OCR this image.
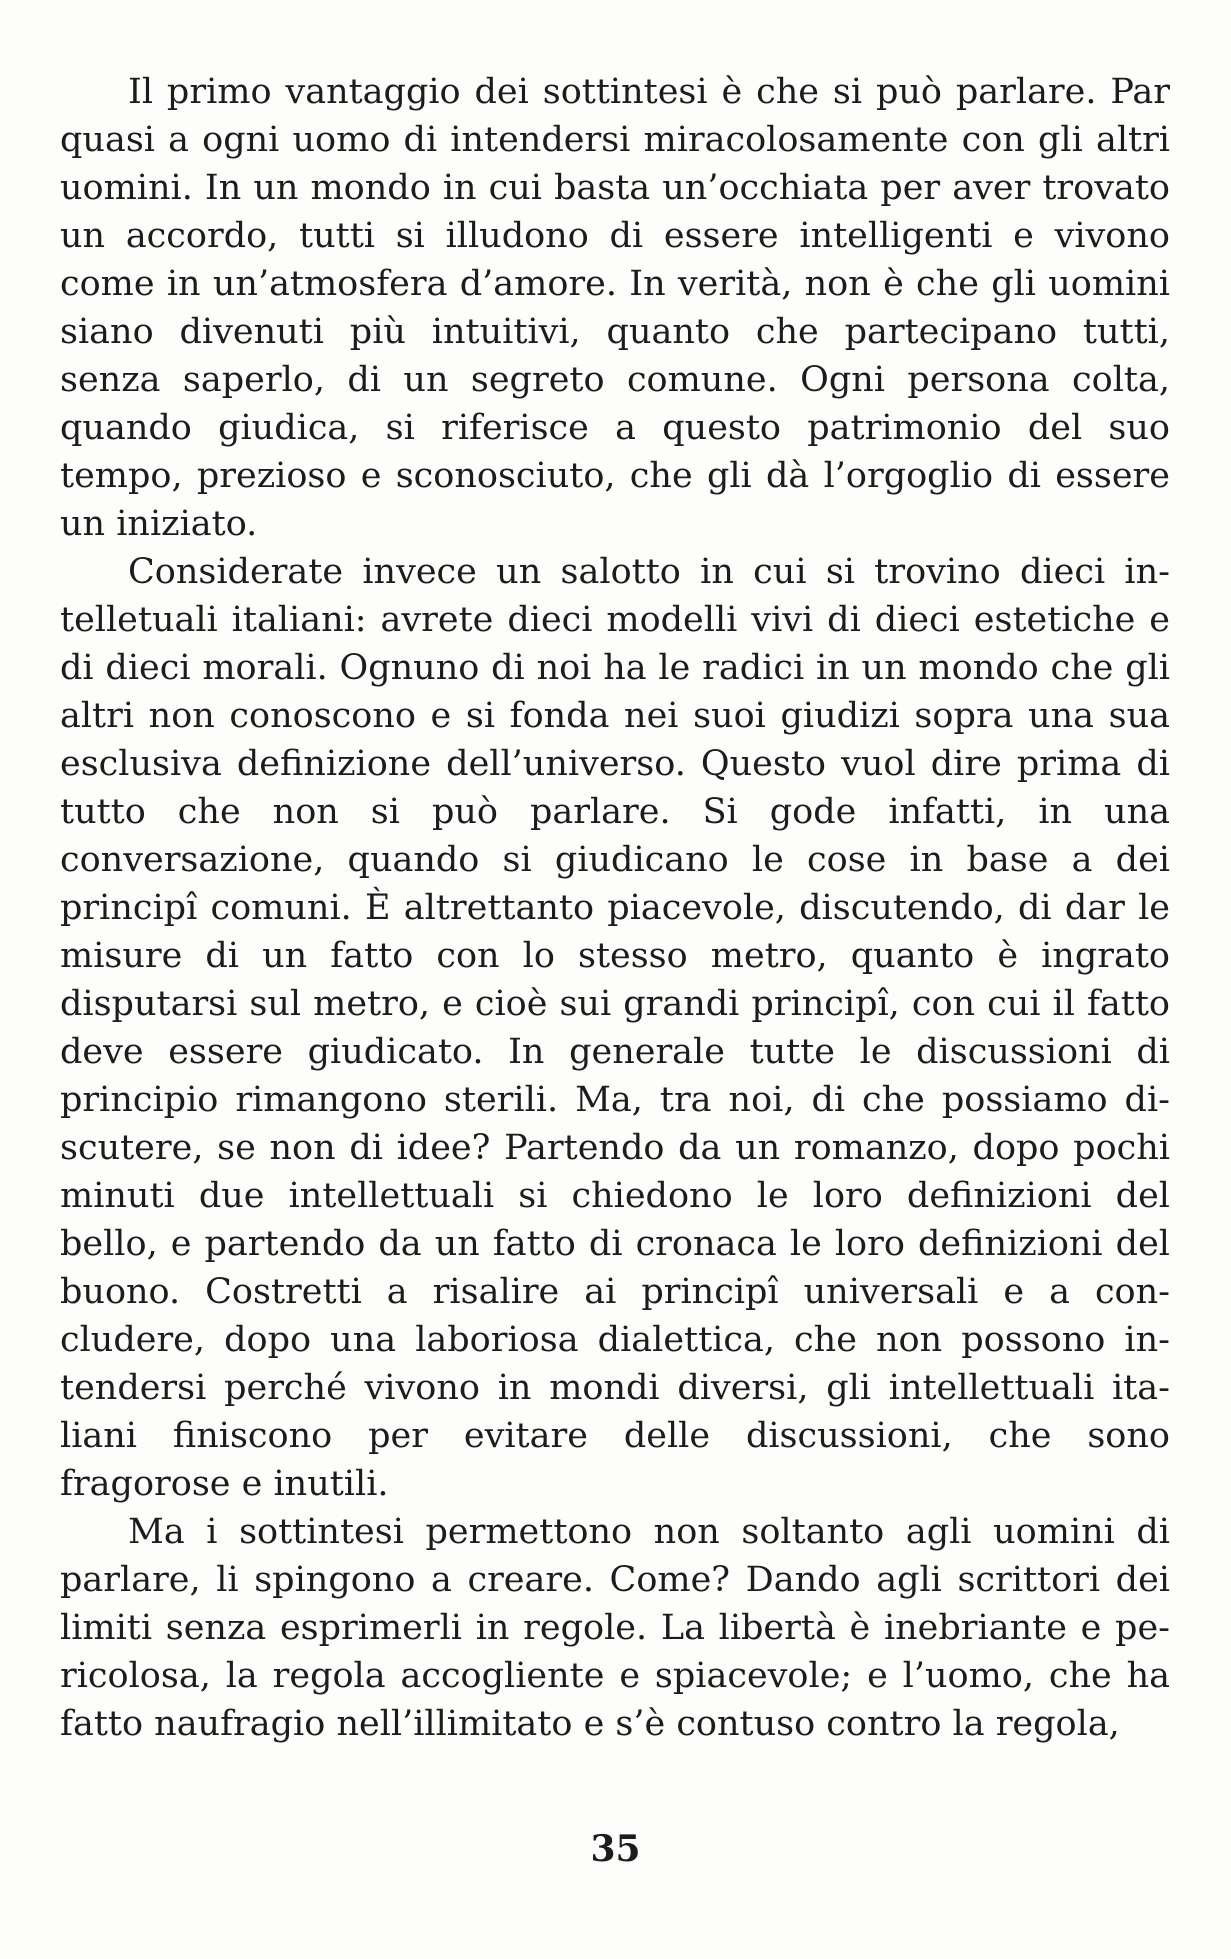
Il primo vantaggio dei sottintesi è che si può parlare. Par quasi a ogni uomo di intendersi miracolosamente con gli altri uomini. In un mondo in cui basta un’occhiata per aver trovato un accordo, tutti si illudono di essere intelligenti e vivono come in un’atmosfera d’amore. In verità, non è che gli uomini siano divenuti più intuitivi, quanto che partecipano tutti, senza saperlo, di un segreto comune. Ogni persona colta, quando giudica, si riferisce a questo patrimonio del suo tempo, prezioso e sconosciuto, che gli dà l’orgoglio di essere un iniziato.

Considerate invece un salotto in cui si trovino dieci intelletuali italiani: avrete dieci modelli vivi di dieci estetiche e di dieci morali. Ognuno di noi ha le radici in un mondo che gli altri non conoscono e si fonda nei suoi giudizi sopra una sua esclusiva definizione dell’universo. Questo vuol dire prima di tutto che non si può parlare. Si gode infatti, in una conversazione, quando si giudicano le cose in base a dei principî comuni. È altrettanto piacevole, discutendo, di dar le misure di un fatto con lo stesso metro, quanto è ingrato disputarsi sul metro, e cioè sui grandi principî, con cui il fatto deve essere giudicato. In generale tutte le discussioni di principio rimangono sterili. Ma, tra noi, di che possiamo discutere, se non di idee? Partendo da un romanzo, dopo pochi minuti due intellettuali si chiedono le loro definizioni del bello, e partendo da un fatto di cronaca le loro definizioni del buono. Costretti a risalire ai principî universali e a concludere, dopo una laboriosa dialettica, che non possono intendersi perché vivono in mondi diversi, gli intellettuali italiani finiscono per evitare delle discussioni, che sono fragorose e inutili.

Ma i sottintesi permettono non soltanto agli uomini di parlare, li spingono a creare. Come? Dando agli scrittori dei limiti senza esprimerli in regole. La libertà è inebriante e pericolosa, la regola accogliente e spiacevole; e l’uomo, che ha fatto naufragio nell’illimitato e s’è contuso contro la regola,

35
